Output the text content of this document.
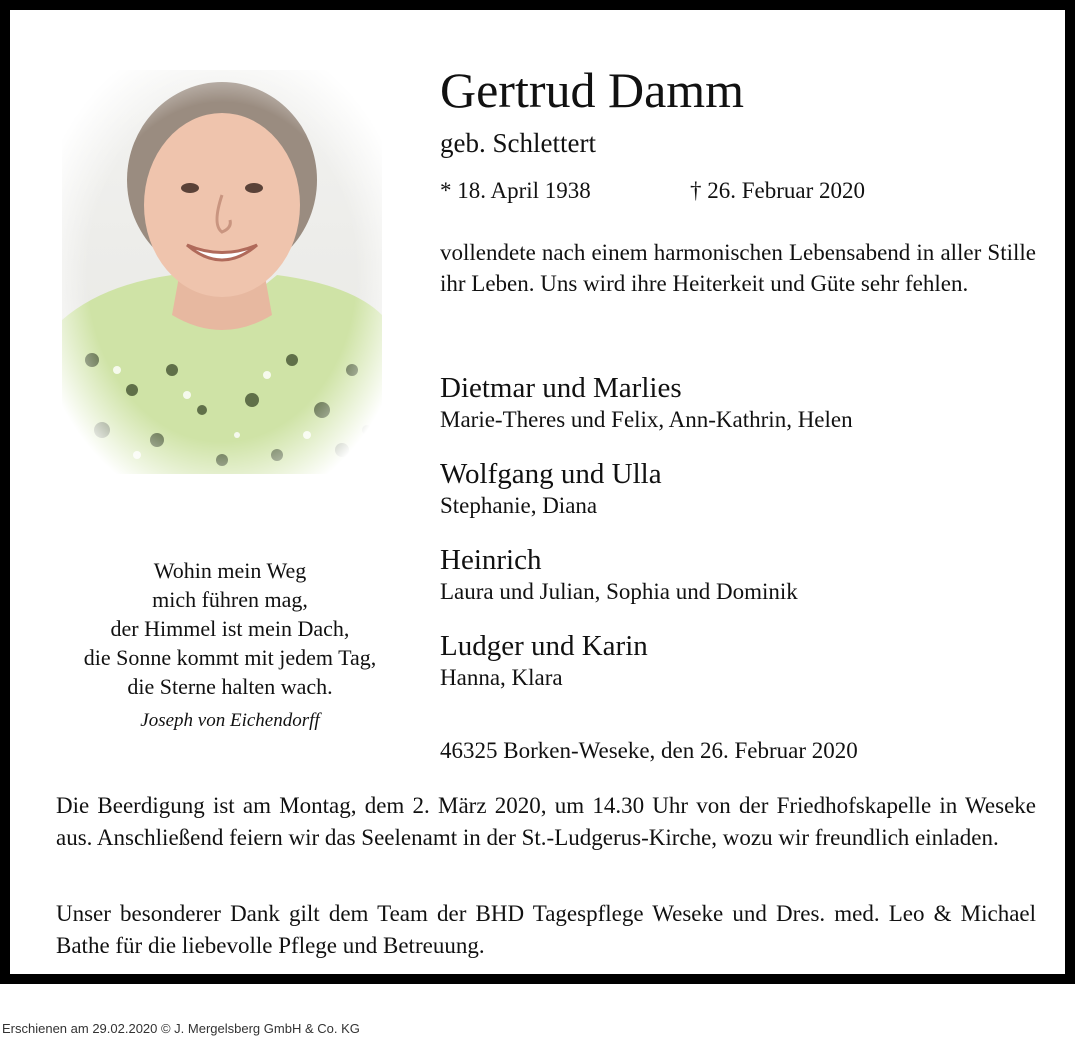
Wohin mein Weg
mich führen mag,
der Himmel ist mein Dach,
die Sonne kommt mit jedem Tag,
die Sterne halten wach.
Joseph von Eichendorff
Gertrud Damm
geb. Schlettert
* 18. April 1938	† 26. Februar 2020
vollendete nach einem harmonischen Lebensabend in aller Stille ihr Leben. Uns wird ihre Heiterkeit und Güte sehr fehlen.
Dietmar und Marlies
Marie-Theres und Felix, Ann-Kathrin, Helen
Wolfgang und Ulla
Stephanie, Diana
Heinrich
Laura und Julian, Sophia und Dominik
Ludger und Karin
Hanna, Klara
46325 Borken-Weseke, den 26. Februar 2020
Die Beerdigung ist am Montag, dem 2. März 2020, um 14.30 Uhr von der Friedhofskapelle in Weseke aus. Anschließend feiern wir das Seelenamt in der St.-Ludgerus-Kirche, wozu wir freundlich einladen.
Unser besonderer Dank gilt dem Team der BHD Tagespflege Weseke und Dres. med. Leo & Michael Bathe für die liebevolle Pflege und Betreuung.
Erschienen am 29.02.2020 © J. Mergelsberg GmbH & Co. KG
